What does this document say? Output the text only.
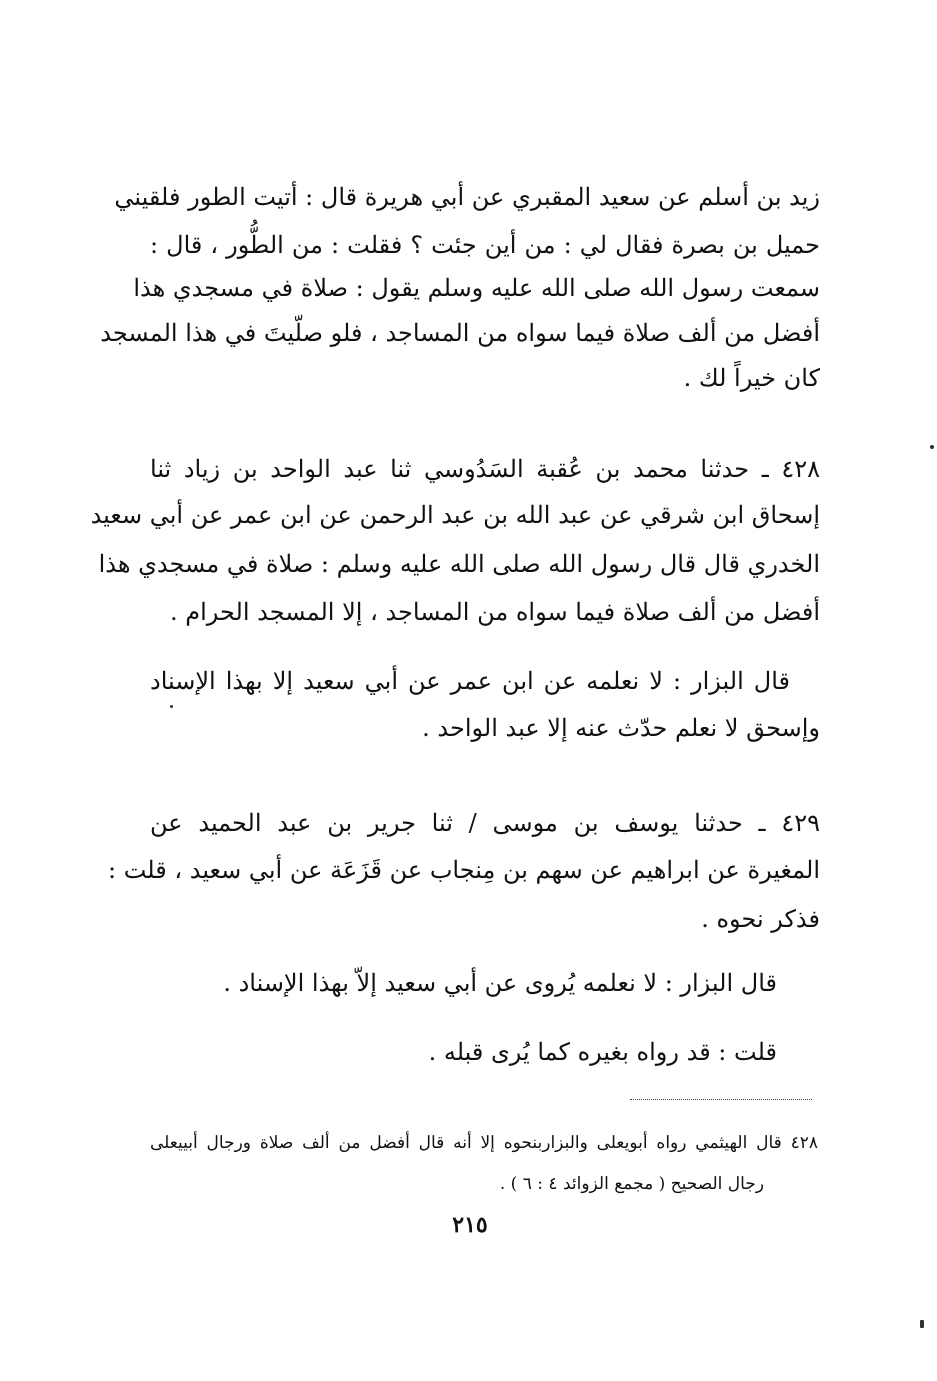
زيد بن أسلم عن سعيد المقبري عن أبي هريرة قال : أتيت الطور فلقيني
حميل بن بصرة فقال لي : من أين جئت ؟ فقلت : من الطُّور ، قال :
سمعت رسول الله صلى الله عليه وسلم يقول : صلاة في مسجدي هذا
أفضل من ألف صلاة فيما سواه من المساجد ، فلو صلّيتَ في هذا المسجد
كان خيراً لك .
٤٢٨ ـ حدثنا محمد بن عُقبة السَدُوسي ثنا عبد الواحد بن زياد ثنا
إسحاق ابن شرقي عن عبد الله بن عبد الرحمن عن ابن عمر عن أبي سعيد
الخدري قال قال رسول الله صلى الله عليه وسلم : صلاة في مسجدي هذا
أفضل من ألف صلاة فيما سواه من المساجد ، إلا المسجد الحرام .
قال البزار : لا نعلمه عن ابن عمر عن أبي سعيد إلا بهذا الإسناد
وإسحق لا نعلم حدّث عنه إلا عبد الواحد .
٤٢٩ ـ حدثنا يوسف بن موسى / ثنا جرير بن عبد الحميد عن
المغيرة عن ابراهيم عن سهم بن مِنجاب عن قَزَعَة عن أبي سعيد ، قلت :
فذكر نحوه .
قال البزار : لا نعلمه يُروى عن أبي سعيد إلاّ بهذا الإسناد .
قلت : قد رواه بغيره كما يُرى قبله .
٤٢٨ قال الهيثمي رواه أبويعلى والبزاربنحوه إلا أنه قال أفضل من ألف صلاة ورجال أبييعلى
رجال الصحيح ( مجمع الزوائد ٤ : ٦ ) .
٢١٥
